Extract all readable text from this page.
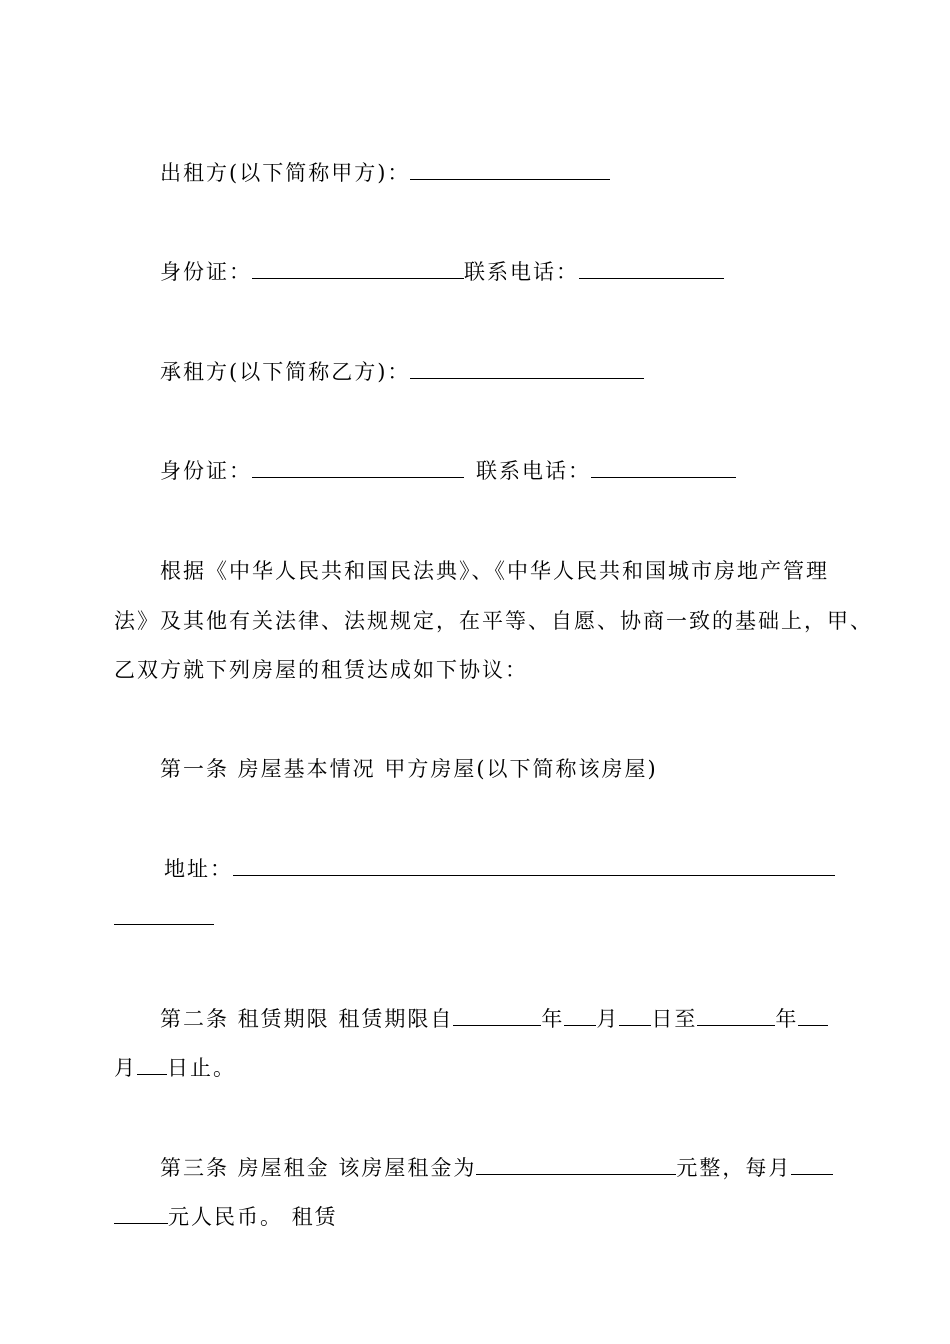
出租方(以下简称甲方)：
身份证：	联系电话：
承租方(以下简称乙方)：
身份证：	联系电话：
根据《中华人民共和国民法典》、《中华人民共和国城市房地产管理
法》及其他有关法律、法规规定，在平等、自愿、协商一致的基础上，甲、
乙双方就下列房屋的租赁达成如下协议：
第一条 房屋基本情况 甲方房屋(以下简称该房屋)
地址：
第二条 租赁期限 租赁期限自	年 月 日至	年
月 日止。
第三条 房屋租金 该房屋租金为	元整，每月
元人民币。 租赁
